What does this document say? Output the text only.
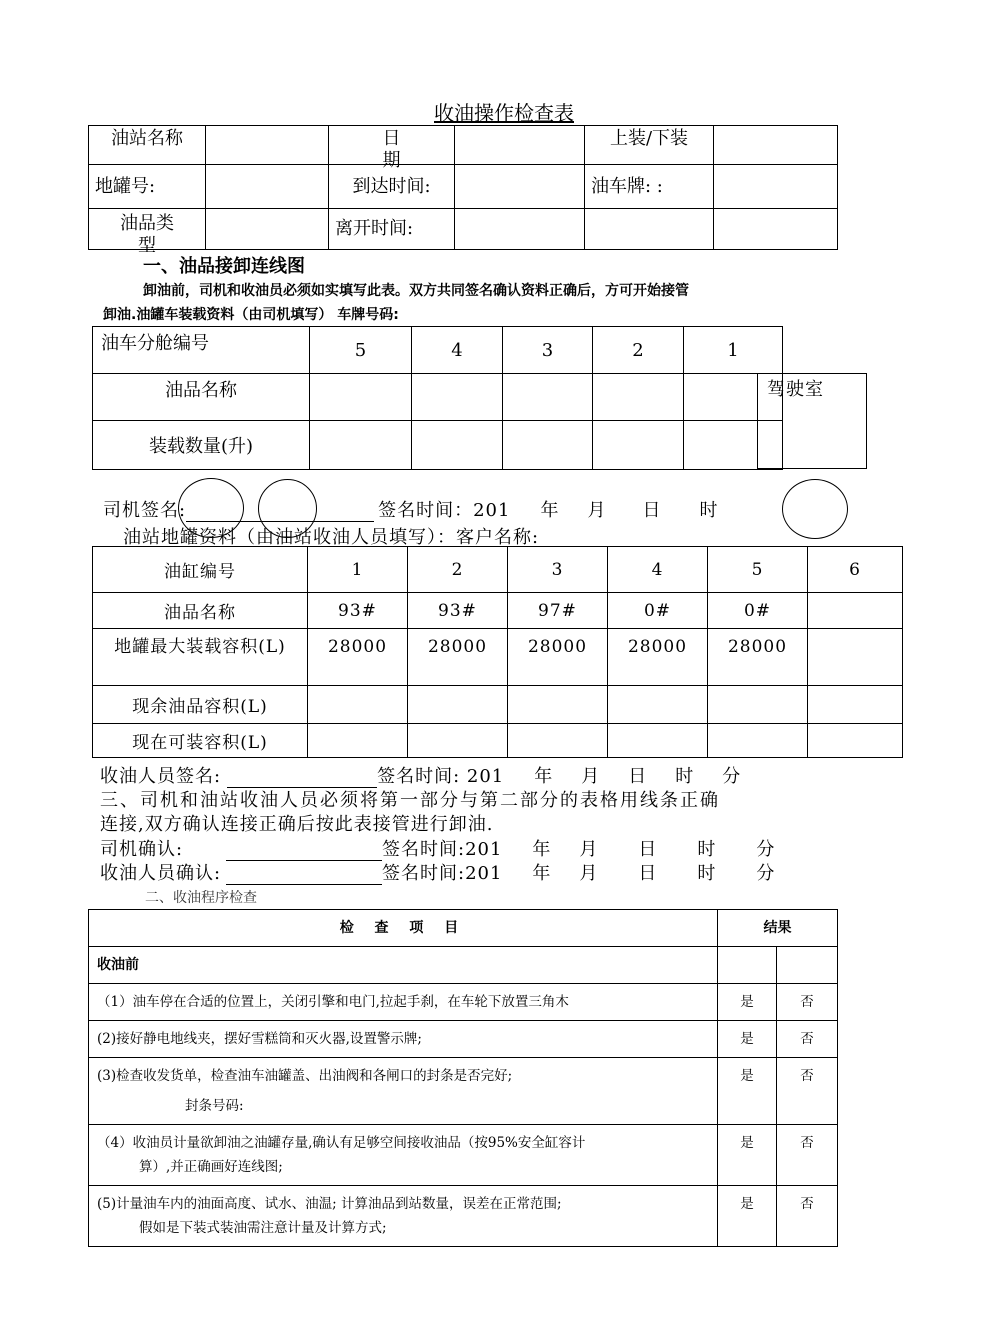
收油操作检查表
油站名称		日期		上装/下装	

地罐号:		到达时间:		油车牌: :	

油品类型		离开时间:			
一、油品接卸连线图
卸油前，司机和收油员必须如实填写此表。双方共同签名确认资料正确后，方可开始接管
卸油.油罐车装载资料（由司机填写） 车牌号码:
油车分舱编号	5	4	3	2	1
油品名称					
装载数量(升)					
驾驶室
司机签名:	签名时间：201 年 月 日 时
油站地罐资料（由油站收油人员填写）：客户名称:
油缸编号	1	2	3	4	5	6
油品名称	93#	93#	97#	0#	0#	
地罐最大装载容积(L)	28000	28000	28000	28000	28000	
现余油品容积(L)						
现在可装容积(L)						
收油人员签名:	签名时间: 201 年 月 日 时 分
三、司机和油站收油人员必须将第一部分与第二部分的表格用线条正确
连接,双方确认连接正确后按此表接管进行卸油.
司机确认:	签名时间:201 年 月 日 时 分
收油人员确认:	签名时间:201 年 月 日 时 分
二、收油程序检查
检 查 项 目	结果	
收油前		
（1）油车停在合适的位置上，关闭引擎和电门,拉起手刹，在车轮下放置三角木	是	否
(2)接好静电地线夹，摆好雪糕筒和灭火器,设置警示牌;	是	否

(3)检查收发货单，检查油车油罐盖、出油阀和各闸口的封条是否完好;
封条号码:	是	否

（4）收油员计量欲卸油之油罐存量,确认有足够空间接收油品（按95%安全缸容计
算）,并正确画好连线图;	是	否

(5)计量油车内的油面高度、试水、油温; 计算油品到站数量，误差在正常范围;
假如是下装式装油需注意计量及计算方式;	是	否
